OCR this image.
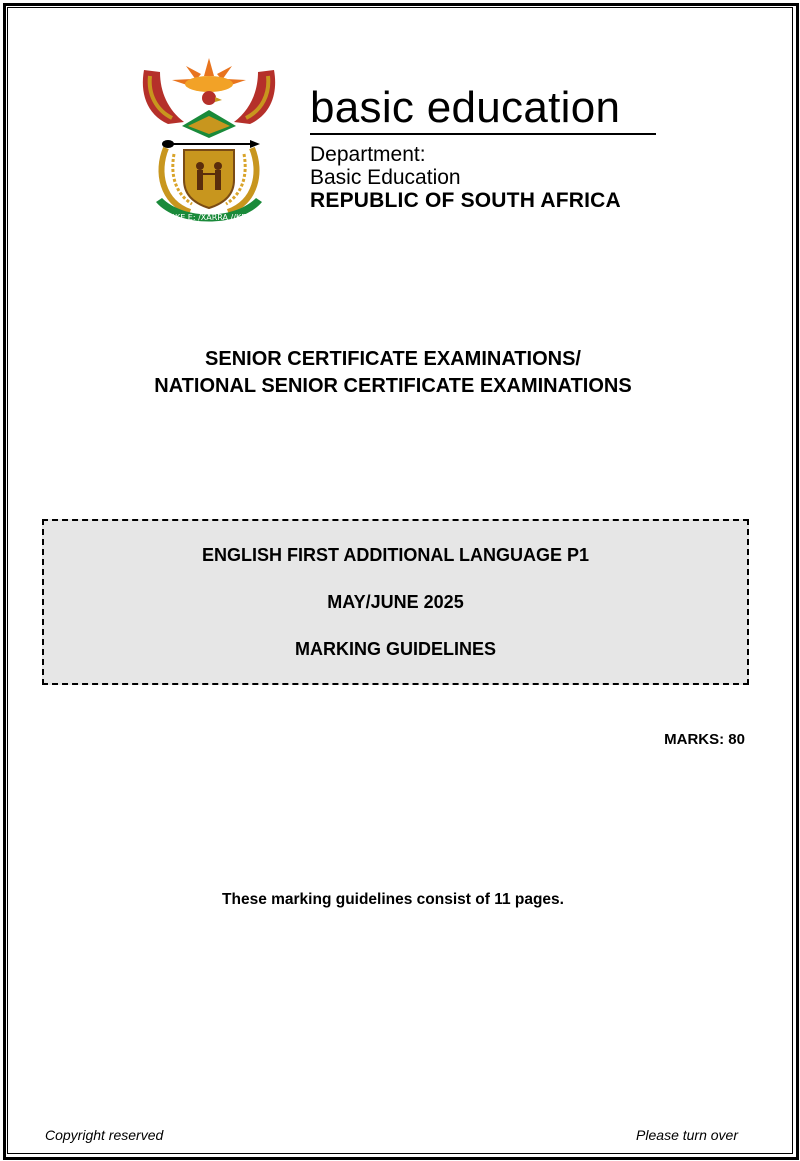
!KE E: /XARRA //KE
basic education
Department:
Basic Education
REPUBLIC OF SOUTH AFRICA
SENIOR CERTIFICATE EXAMINATIONS/
NATIONAL SENIOR CERTIFICATE EXAMINATIONS
ENGLISH FIRST ADDITIONAL LANGUAGE P1
MAY/JUNE 2025
MARKING GUIDELINES
MARKS: 80
These marking guidelines consist of 11 pages.
Copyright reserved	Please turn over
